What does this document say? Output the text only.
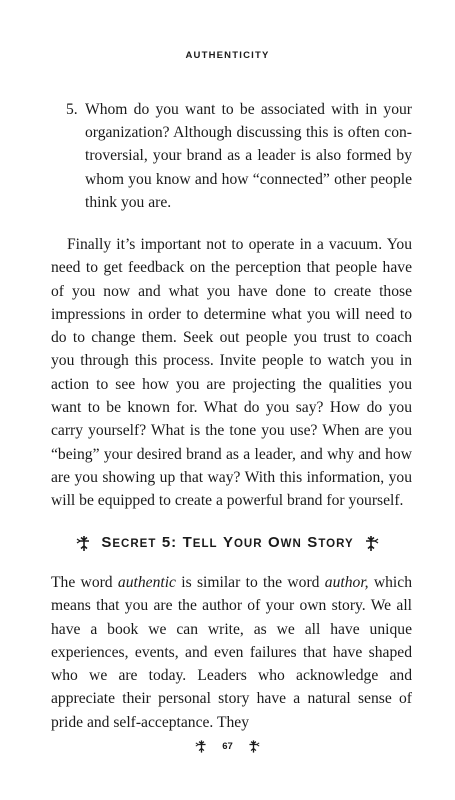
AUTHENTICITY
5. Whom do you want to be associated with in your organization? Although discussing this is often controversial, your brand as a leader is also formed by whom you know and how “connected” other people think you are.

Finally it’s important not to operate in a vacuum. You need to get feedback on the perception that people have of you now and what you have done to create those impressions in order to determine what you will need to do to change them. Seek out people you trust to coach you through this process. Invite people to watch you in action to see how you are projecting the qualities you want to be known for. What do you say? How do you carry yourself? What is the tone you use? When are you “being” your desired brand as a leader, and why and how are you showing up that way? With this information, you will be equipped to create a powerful brand for yourself.

SECRET 5: TELL YOUR OWN STORY

The word authentic is similar to the word author, which means that you are the author of your own story. We all have a book we can write, as we all have unique experiences, events, and even failures that have shaped who we are today. Leaders who acknowledge and appreciate their personal story have a natural sense of pride and self-acceptance. They

67
